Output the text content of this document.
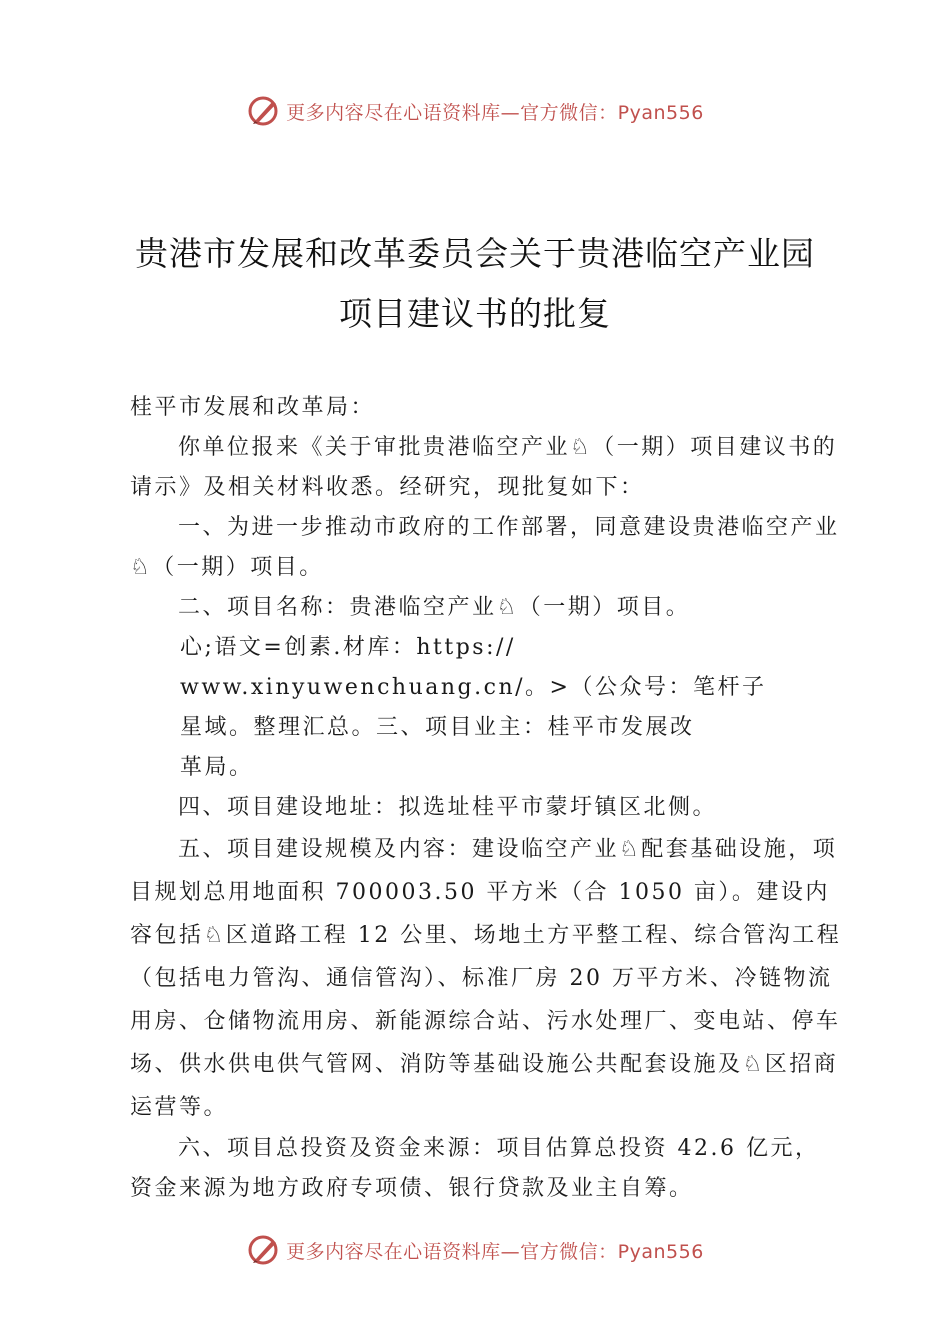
更多内容尽在心语资料库—官方微信：Pyan556
贵港市发展和改革委员会关于贵港临空产业园
项目建议书的批复

桂平市发展和改革局：

你单位报来《关于审批贵港临空产业♘（一期）项目建议书的请示》及相关材料收悉。经研究，现批复如下：

一、为进一步推动市政府的工作部署，同意建设贵港临空产业♘（一期）项目。

二、项目名称：贵港临空产业♘（一期）项目。

心;语文=创素.材库：https://

www.xinyuwenchuang.cn/。>（公众号：笔杆子

星域。整理汇总。三、项目业主：桂平市发展改

革局。

四、项目建设地址：拟选址桂平市蒙圩镇区北侧。

五、项目建设规模及内容：建设临空产业♘配套基础设施，项目规划总用地面积 700003.50 平方米（合 1050 亩）。建设内容包括♘区道路工程 12 公里、场地土方平整工程、综合管沟工程（包括电力管沟、通信管沟）、标准厂房 20 万平方米、冷链物流用房、仓储物流用房、新能源综合站、污水处理厂、变电站、停车场、供水供电供气管网、消防等基础设施公共配套设施及♘区招商运营等。

六、项目总投资及资金来源：项目估算总投资 42.6 亿元，资金来源为地方政府专项债、银行贷款及业主自筹。

更多内容尽在心语资料库—官方微信：Pyan556
